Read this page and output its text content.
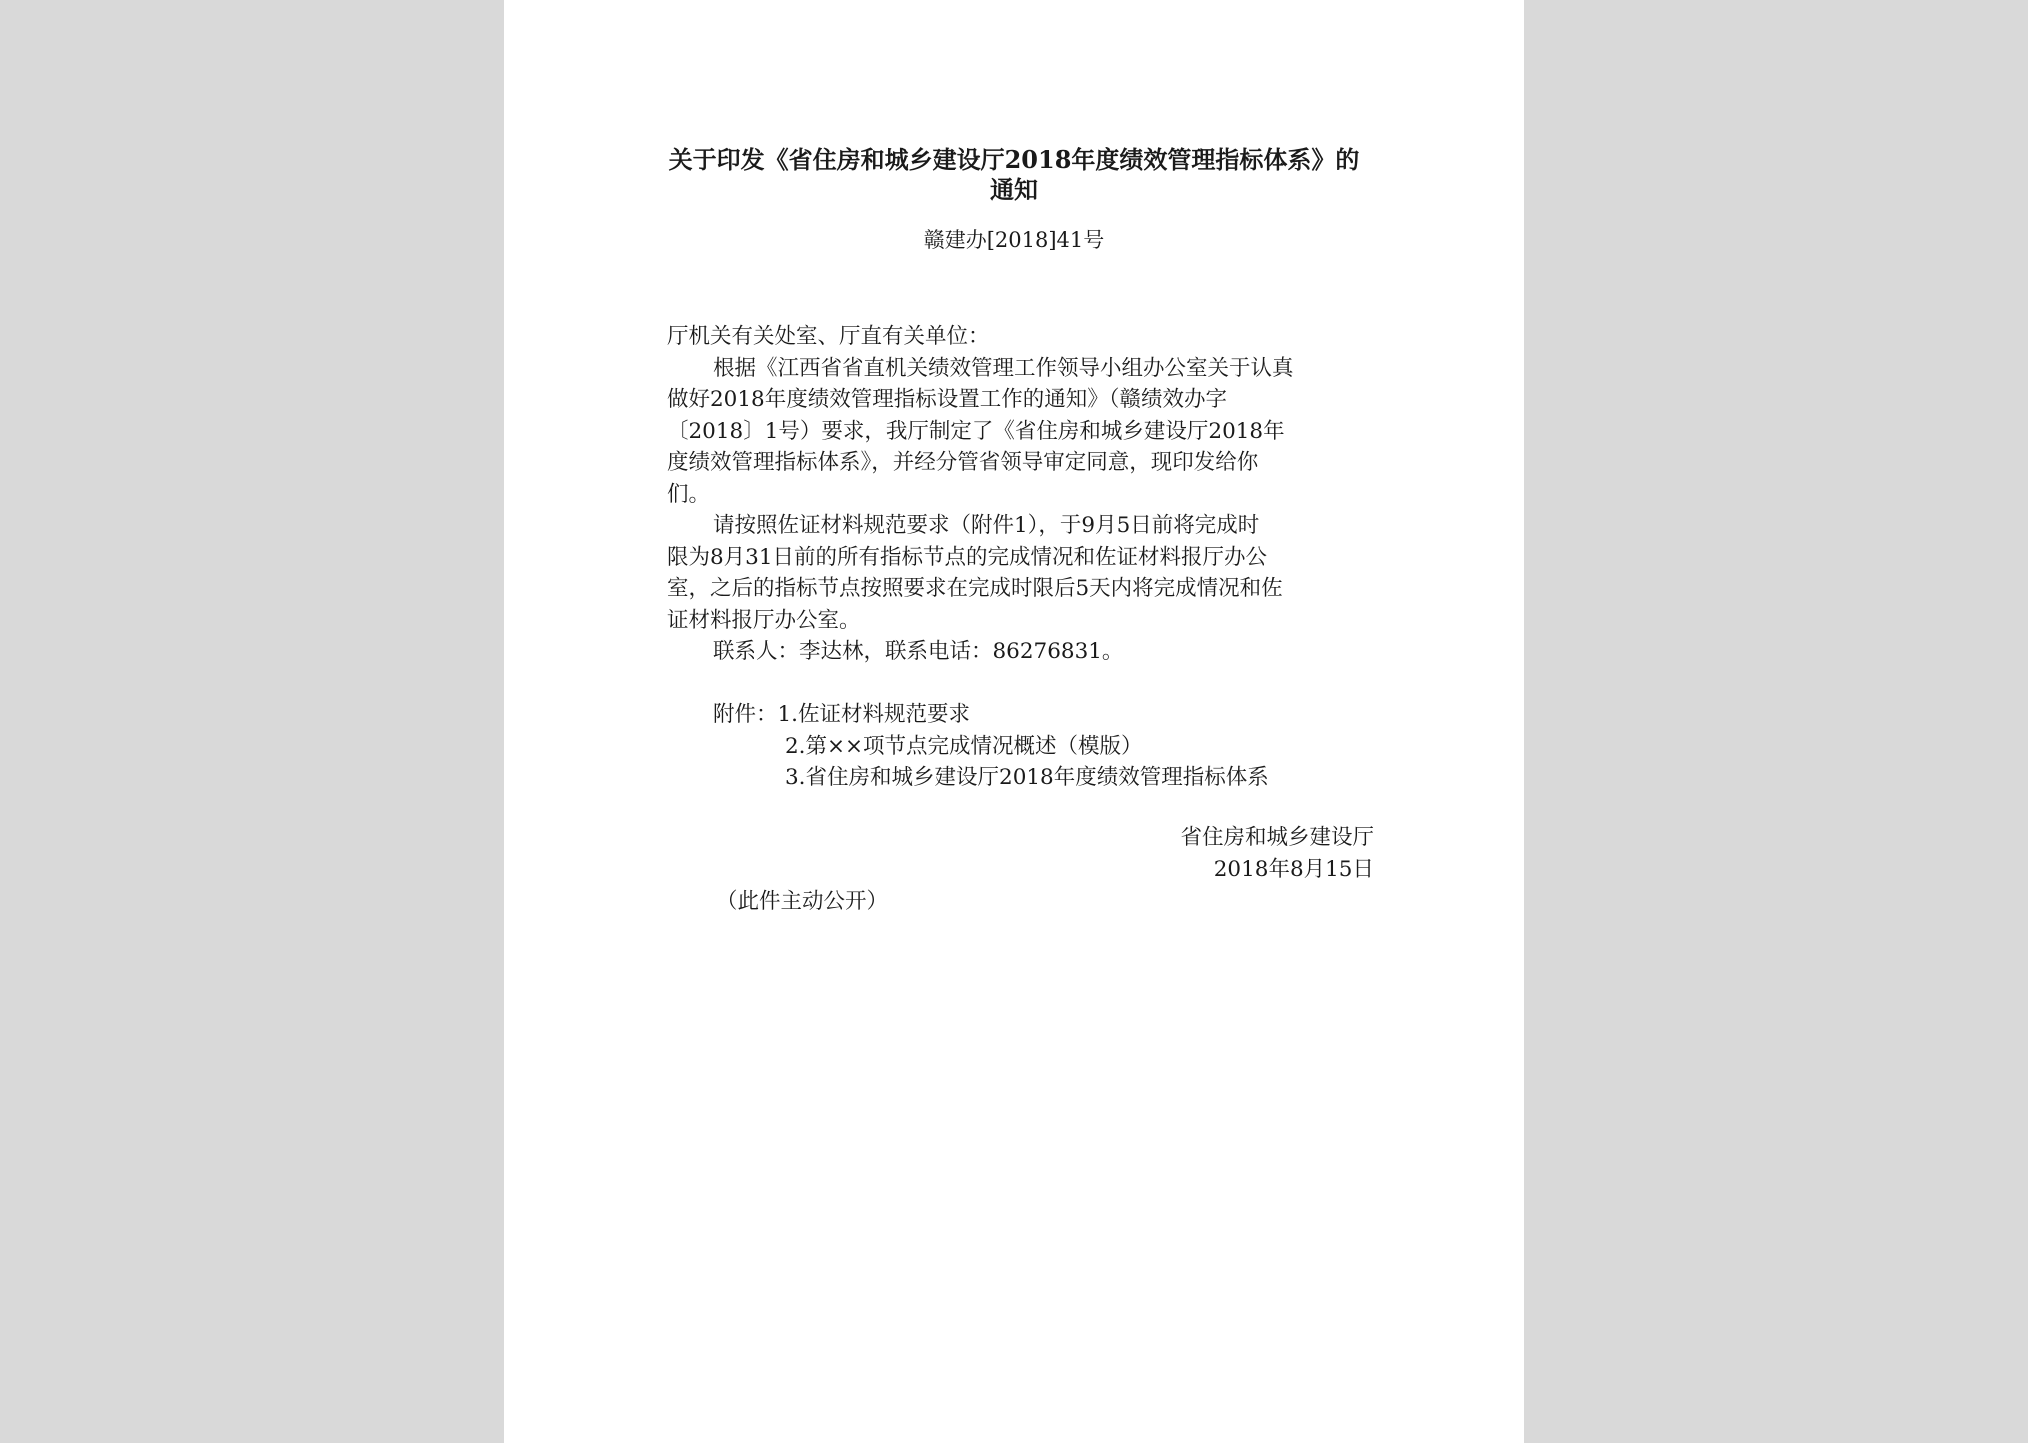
关于印发《省住房和城乡建设厅2018年度绩效管理指标体系》的
通知
赣建办[2018]41号
厅机关有关处室、厅直有关单位：
根据《江西省省直机关绩效管理工作领导小组办公室关于认真
做好2018年度绩效管理指标设置工作的通知》（赣绩效办字
〔2018〕1号）要求，我厅制定了《省住房和城乡建设厅2018年
度绩效管理指标体系》，并经分管省领导审定同意，现印发给你
们。
请按照佐证材料规范要求（附件1），于9月5日前将完成时
限为8月31日前的所有指标节点的完成情况和佐证材料报厅办公
室，之后的指标节点按照要求在完成时限后5天内将完成情况和佐
证材料报厅办公室。
联系人：李达林，联系电话：86276831。
附件：1.佐证材料规范要求
2.第××项节点完成情况概述（模版）
3.省住房和城乡建设厅2018年度绩效管理指标体系
省住房和城乡建设厅
2018年8月15日
（此件主动公开）
